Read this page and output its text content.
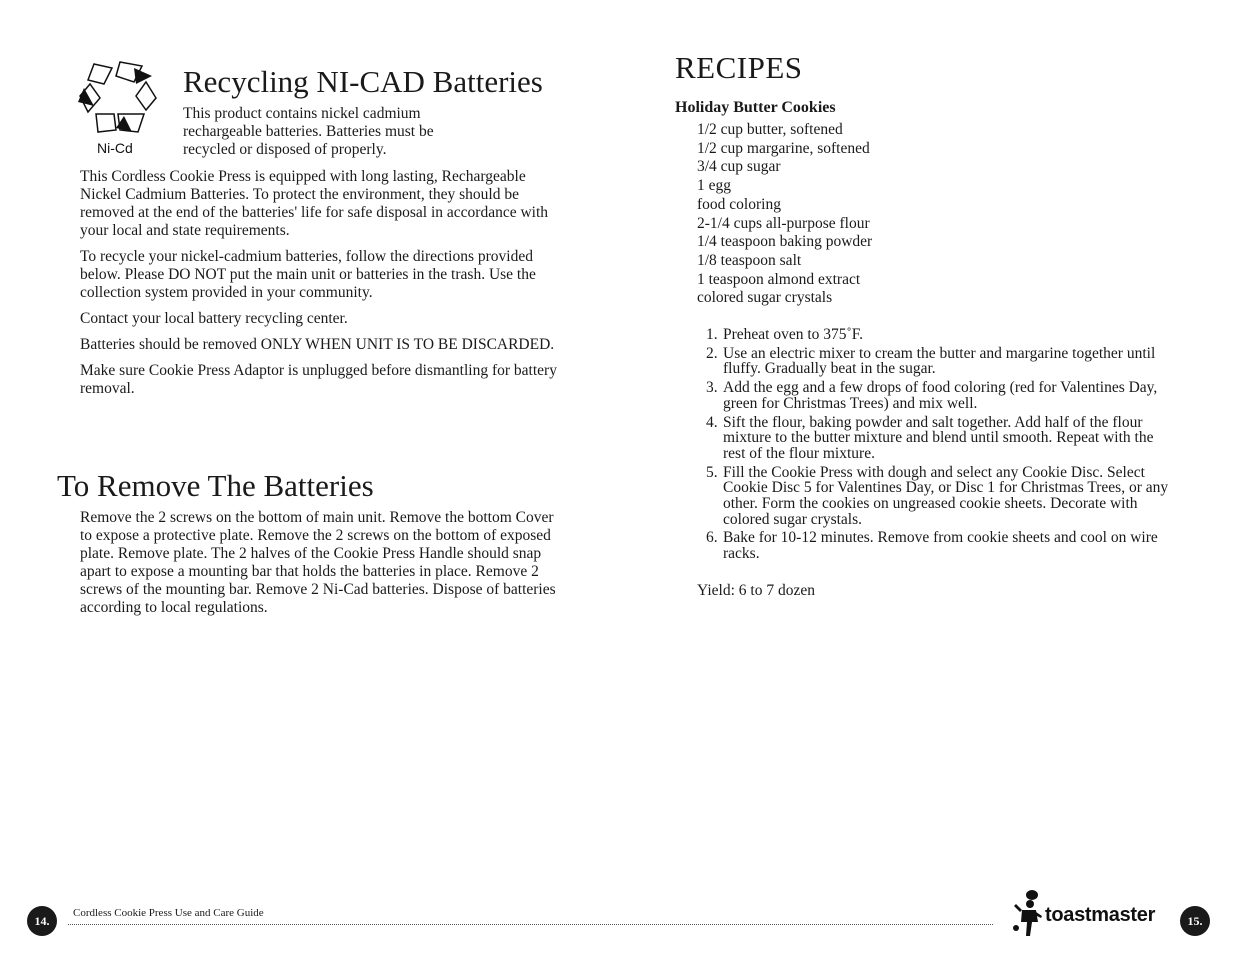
Ni-Cd
Recycling NI-CAD Batteries
This product contains nickel cadmium rechargeable batteries. Batteries must be recycled or disposed of properly.

This Cordless Cookie Press is equipped with long lasting, Rechargeable Nickel Cadmium Batteries. To protect the environment, they should be removed at the end of the batteries' life for safe disposal in accordance with your local and state requirements.

To recycle your nickel-cadmium batteries, follow the directions provided below. Please DO NOT put the main unit or batteries in the trash. Use the collection system provided in your community.

Contact your local battery recycling center.

Batteries should be removed ONLY WHEN UNIT IS TO BE DISCARDED.

Make sure Cookie Press Adaptor is unplugged before dismantling for battery removal.

To Remove The Batteries
Remove the 2 screws on the bottom of main unit. Remove the bottom Cover to expose a protective plate. Remove the 2 screws on the bottom of exposed plate. Remove plate. The 2 halves of the Cookie Press Handle should snap apart to expose a mounting bar that holds the batteries in place. Remove 2 screws of the mounting bar. Remove 2 Ni-Cad batteries. Dispose of batteries according to local regulations.
RECIPES
Holiday Butter Cookies
1/2 cup butter, softened
1/2 cup margarine, softened
3/4 cup sugar
1 egg
food coloring
2-1/4 cups all-purpose flour
1/4 teaspoon baking powder
1/8 teaspoon salt
1 teaspoon almond extract
colored sugar crystals
1. Preheat oven to 375˚F.
2. Use an electric mixer to cream the butter and margarine together until fluffy. Gradually beat in the sugar.
3. Add the egg and a few drops of food coloring (red for Valentines Day, green for Christmas Trees) and mix well.
4. Sift the flour, baking powder and salt together. Add half of the flour mixture to the butter mixture and blend until smooth. Repeat with the rest of the flour mixture.
5. Fill the Cookie Press with dough and select any Cookie Disc. Select Cookie Disc 5 for Valentines Day, or Disc 1 for Christmas Trees, or any other. Form the cookies on ungreased cookie sheets. Decorate with colored sugar crystals.
6. Bake for 10-12 minutes. Remove from cookie sheets and cool on wire racks.
Yield: 6 to 7 dozen
14.
Cordless Cookie Press Use and Care Guide	toastmaster	15.
